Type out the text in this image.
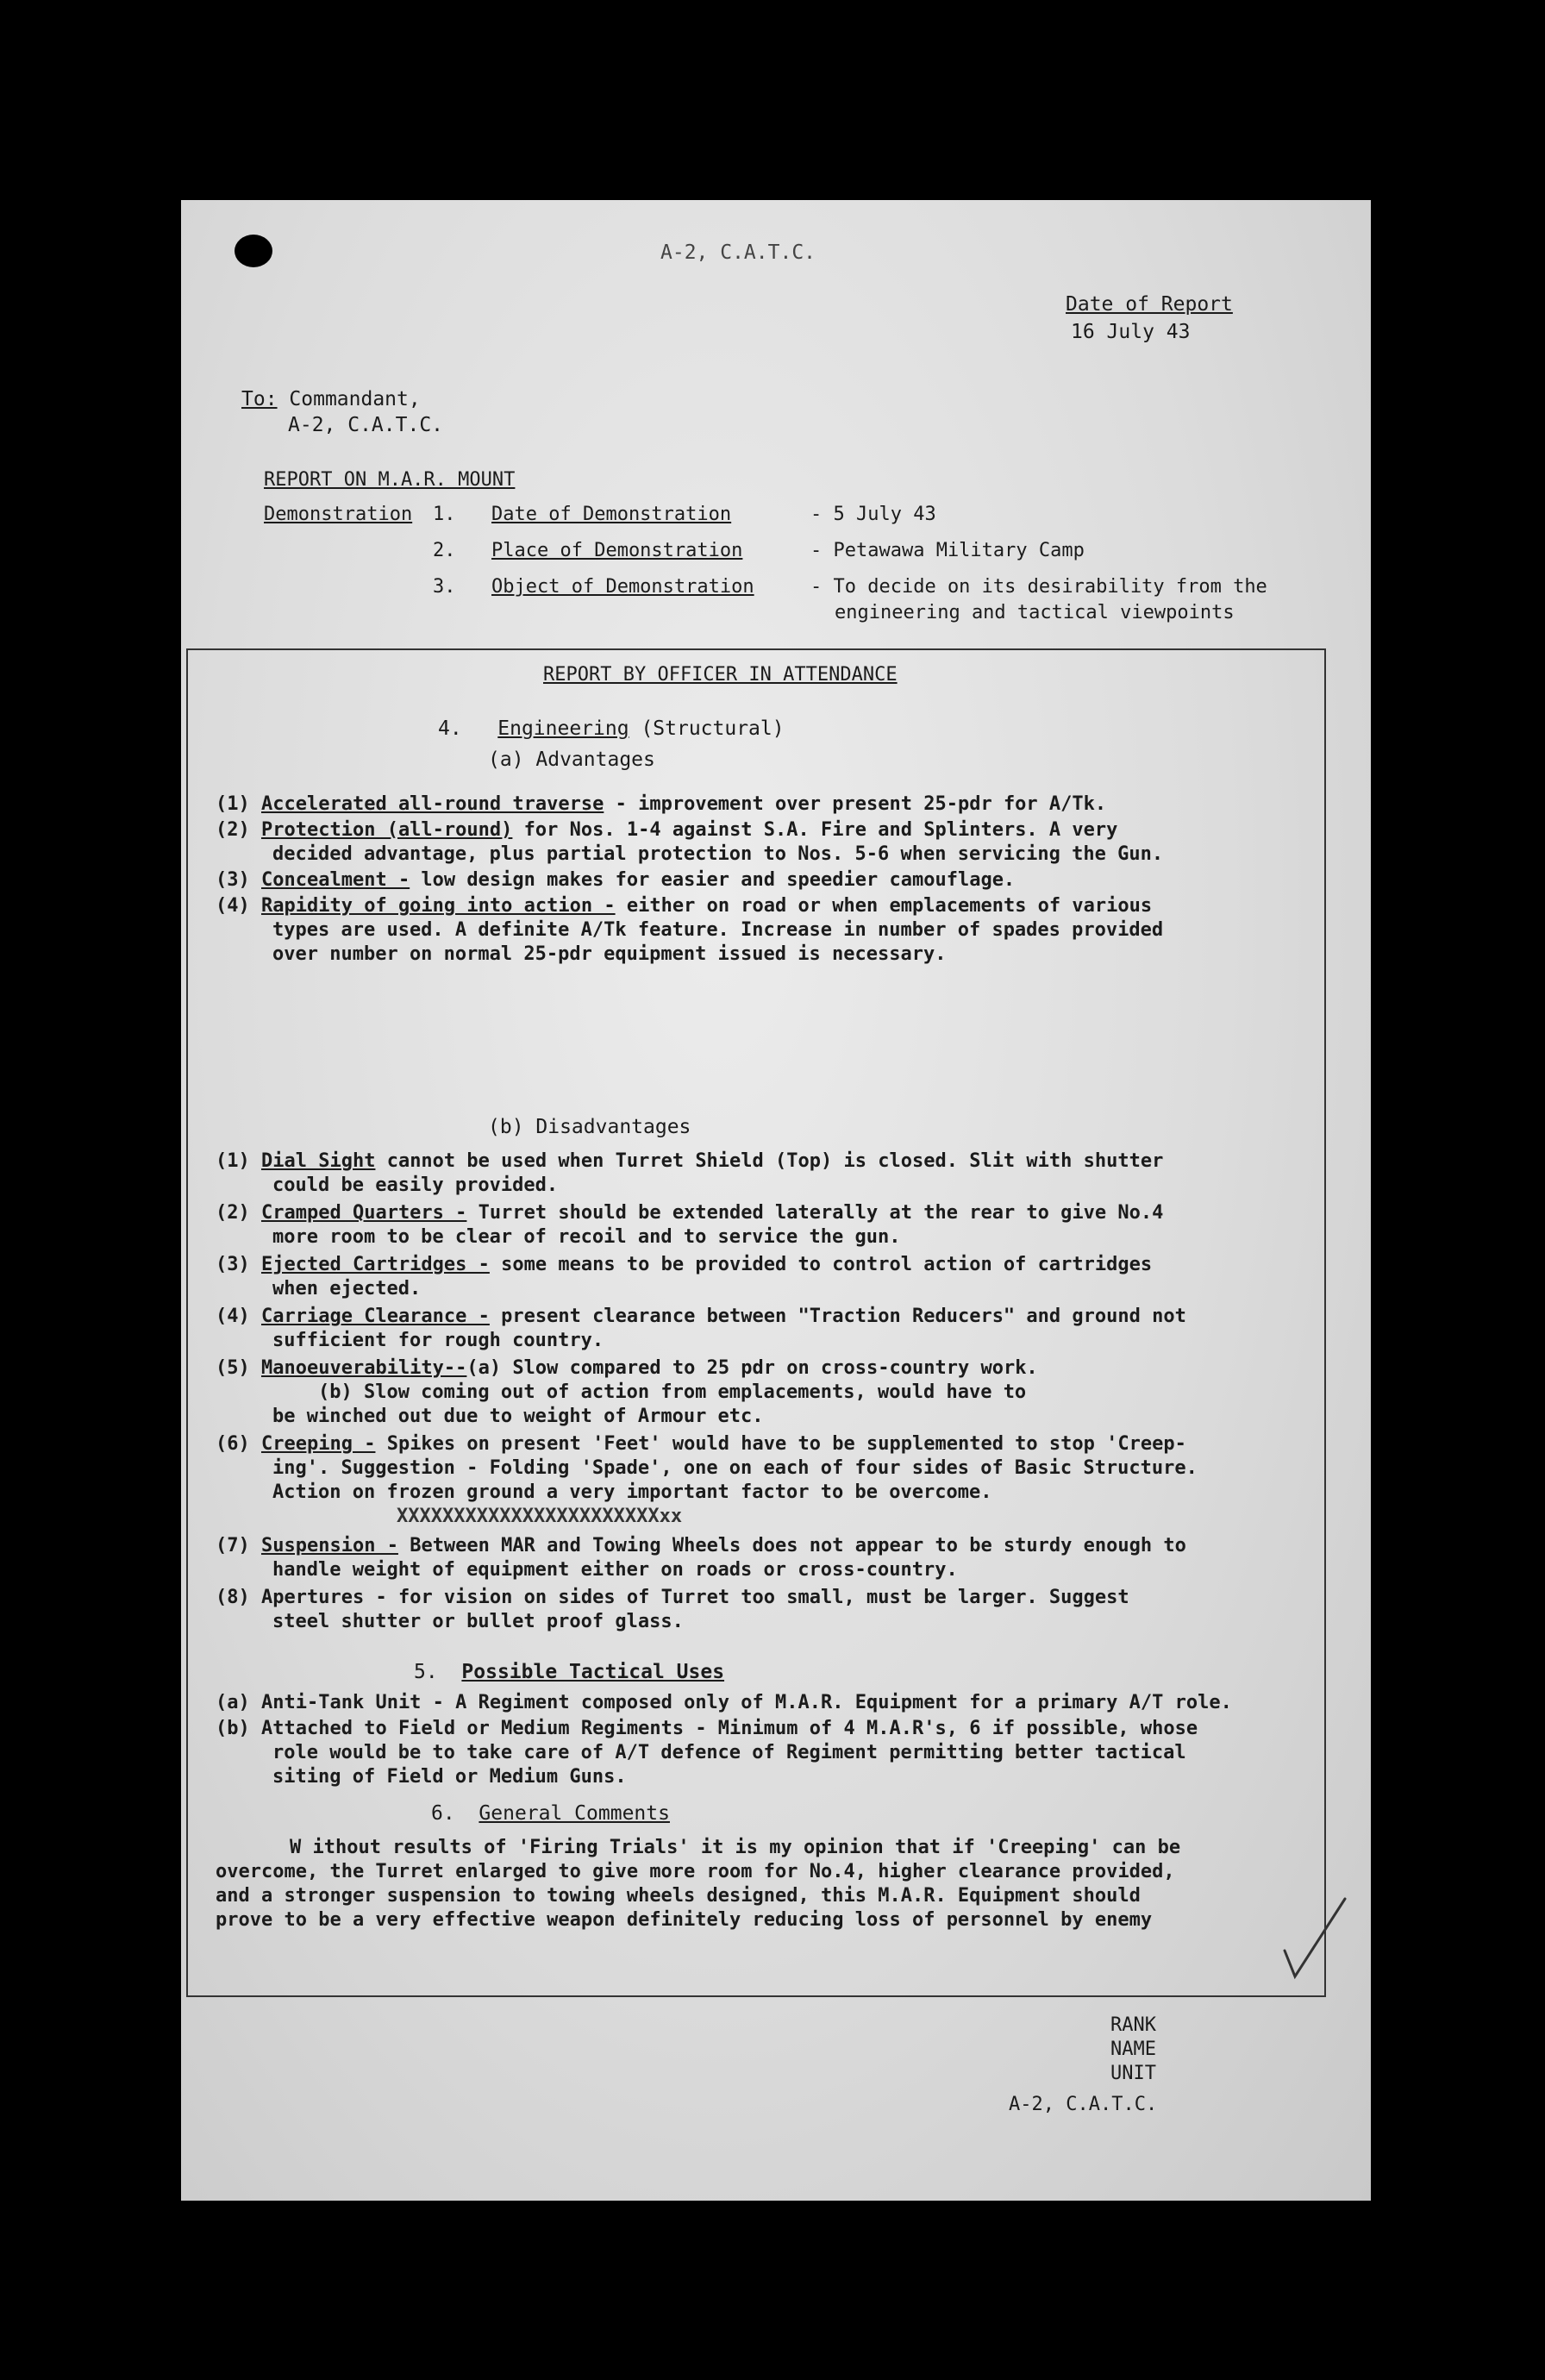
A-2, C.A.T.C.
Date of Report
16 July 43
To: Commandant,
A-2, C.A.T.C.
REPORT ON M.A.R. MOUNT
Demonstration 1. Date of Demonstration	- 5 July 43
2. Place of Demonstration	- Petawawa Military Camp
3. Object of Demonstration	- To decide on its desirability from the
engineering and tactical viewpoints
REPORT BY OFFICER IN ATTENDANCE
4. Engineering (Structural)
(a) Advantages
(1) Accelerated all-round traverse - improvement over present 25-pdr for A/Tk.
(2) Protection (all-round) for Nos. 1-4 against S.A. Fire and Splinters. A very
decided advantage, plus partial protection to Nos. 5-6 when servicing the Gun.
(3) Concealment - low design makes for easier and speedier camouflage.
(4) Rapidity of going into action - either on road or when emplacements of various
types are used. A definite A/Tk feature. Increase in number of spades provided
over number on normal 25-pdr equipment issued is necessary.
(b) Disadvantages
(1) Dial Sight cannot be used when Turret Shield (Top) is closed. Slit with shutter
could be easily provided.
(2) Cramped Quarters - Turret should be extended laterally at the rear to give No.4
more room to be clear of recoil and to service the gun.
(3) Ejected Cartridges - some means to be provided to control action of cartridges
when ejected.
(4) Carriage Clearance - present clearance between "Traction Reducers" and ground not
sufficient for rough country.
(5) Manoeuverability--(a) Slow compared to 25 pdr on cross-country work.
(b) Slow coming out of action from emplacements, would have to
be winched out due to weight of Armour etc.
(6) Creeping - Spikes on present 'Feet' would have to be supplemented to stop 'Creep-
ing'. Suggestion - Folding 'Spade', one on each of four sides of Basic Structure.
Action on frozen ground a very important factor to be overcome.
XXXXXXXXXXXXXXXXXXXXXXXxx
(7) Suspension - Between MAR and Towing Wheels does not appear to be sturdy enough to
handle weight of equipment either on roads or cross-country.
(8) Apertures - for vision on sides of Turret too small, must be larger. Suggest
steel shutter or bullet proof glass.
5. Possible Tactical Uses
(a) Anti-Tank Unit - A Regiment composed only of M.A.R. Equipment for a primary A/T role.
(b) Attached to Field or Medium Regiments - Minimum of 4 M.A.R's, 6 if possible, whose
role would be to take care of A/T defence of Regiment permitting better tactical
siting of Field or Medium Guns.
6. General Comments
W ithout results of 'Firing Trials' it is my opinion that if 'Creeping' can be
overcome, the Turret enlarged to give more room for No.4, higher clearance provided,
and a stronger suspension to towing wheels designed, this M.A.R. Equipment should
prove to be a very effective weapon definitely reducing loss of personnel by enemy
RANK
NAME
UNIT
A-2, C.A.T.C.
